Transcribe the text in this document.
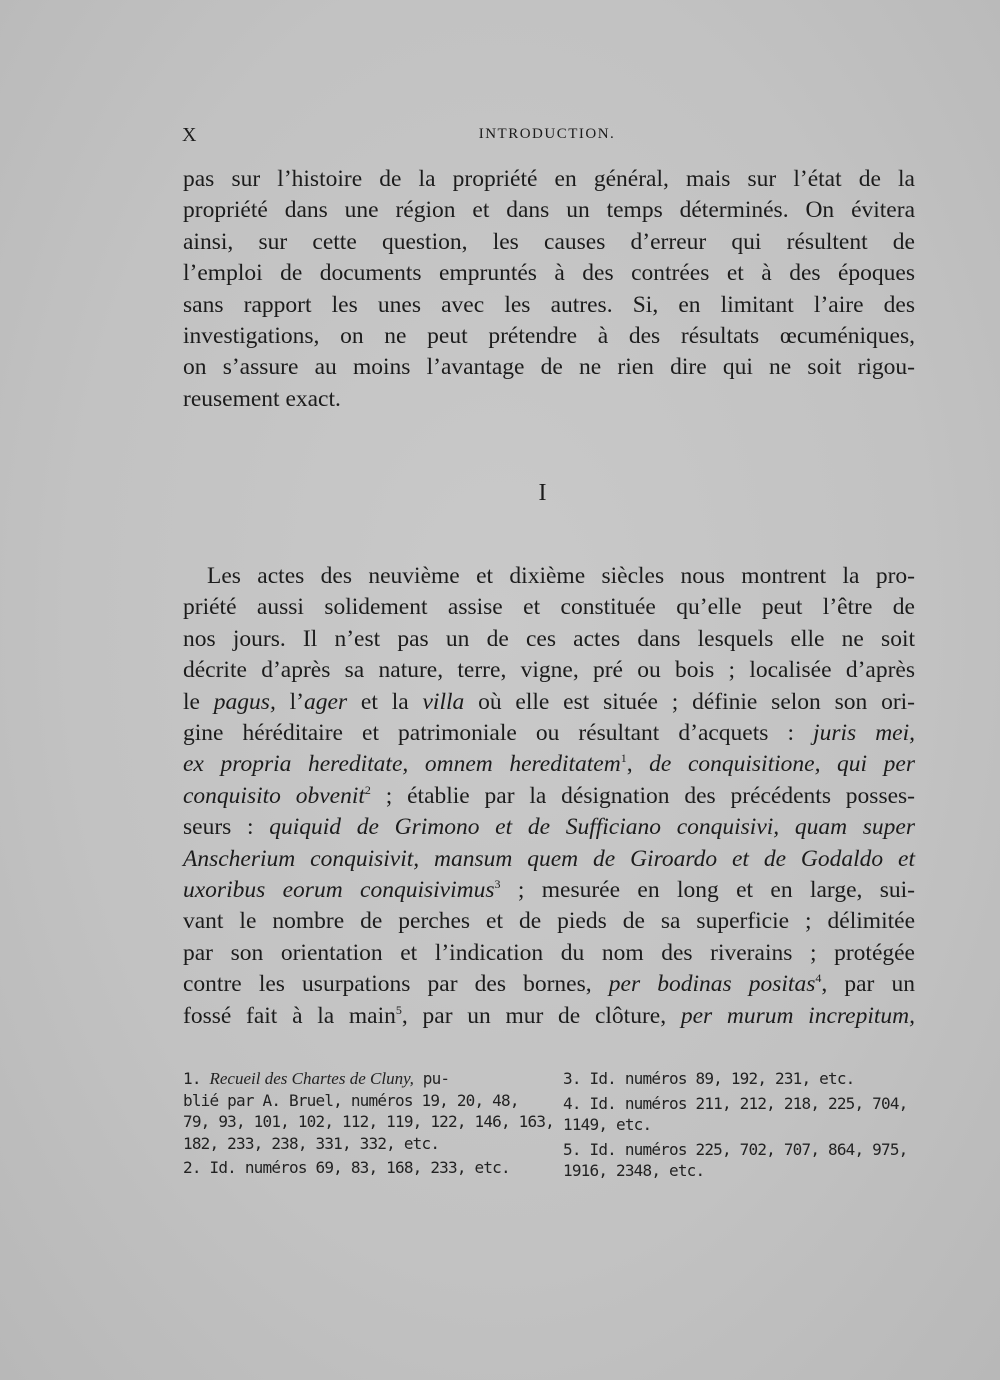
X	INTRODUCTION.
pas sur l’histoire de la propriété en général, mais sur l’état de la
propriété dans une région et dans un temps déterminés. On évitera
ainsi, sur cette question, les causes d’erreur qui résultent de
l’emploi de documents empruntés à des contrées et à des époques
sans rapport les unes avec les autres. Si, en limitant l’aire des
investigations, on ne peut prétendre à des résultats œcuméniques,
on s’assure au moins l’avantage de ne rien dire qui ne soit rigou-
reusement exact.
I
Les actes des neuvième et dixième siècles nous montrent la pro-
priété aussi solidement assise et constituée qu’elle peut l’être de
nos jours. Il n’est pas un de ces actes dans lesquels elle ne soit
décrite d’après sa nature, terre, vigne, pré ou bois ; localisée d’après
le pagus, l’ager et la villa où elle est située ; définie selon son ori-
gine héréditaire et patrimoniale ou résultant d’acquets : juris mei,
ex propria hereditate, omnem hereditatem$^1$, de conquisitione, qui per
conquisito obvenit$^2$ ; établie par la désignation des précédents posses-
seurs : quiquid de Grimono et de Sufficiano conquisivi, quam super
Anscherium conquisivit, mansum quem de Giroardo et de Godaldo et
uxoribus eorum conquisivimus$^3$ ; mesurée en long et en large, sui-
vant le nombre de perches et de pieds de sa superficie ; délimitée
par son orientation et l’indication du nom des riverains ; protégée
contre les usurpations par des bornes, per bodinas positas$^4$, par un
fossé fait à la main$^5$, par un mur de clôture, per murum increpitum,
1. Recueil des Chartes de Cluny, pu-
blié par A. Bruel, numéros 19, 20, 48,
79, 93, 101, 102, 112, 119, 122, 146, 163,
182, 233, 238, 331, 332, etc.
2. Id. numéros 69, 83, 168, 233, etc.
3. Id. numéros 89, 192, 231, etc.
4. Id. numéros 211, 212, 218, 225, 704,
1149, etc.
5. Id. numéros 225, 702, 707, 864, 975,
1916, 2348, etc.
